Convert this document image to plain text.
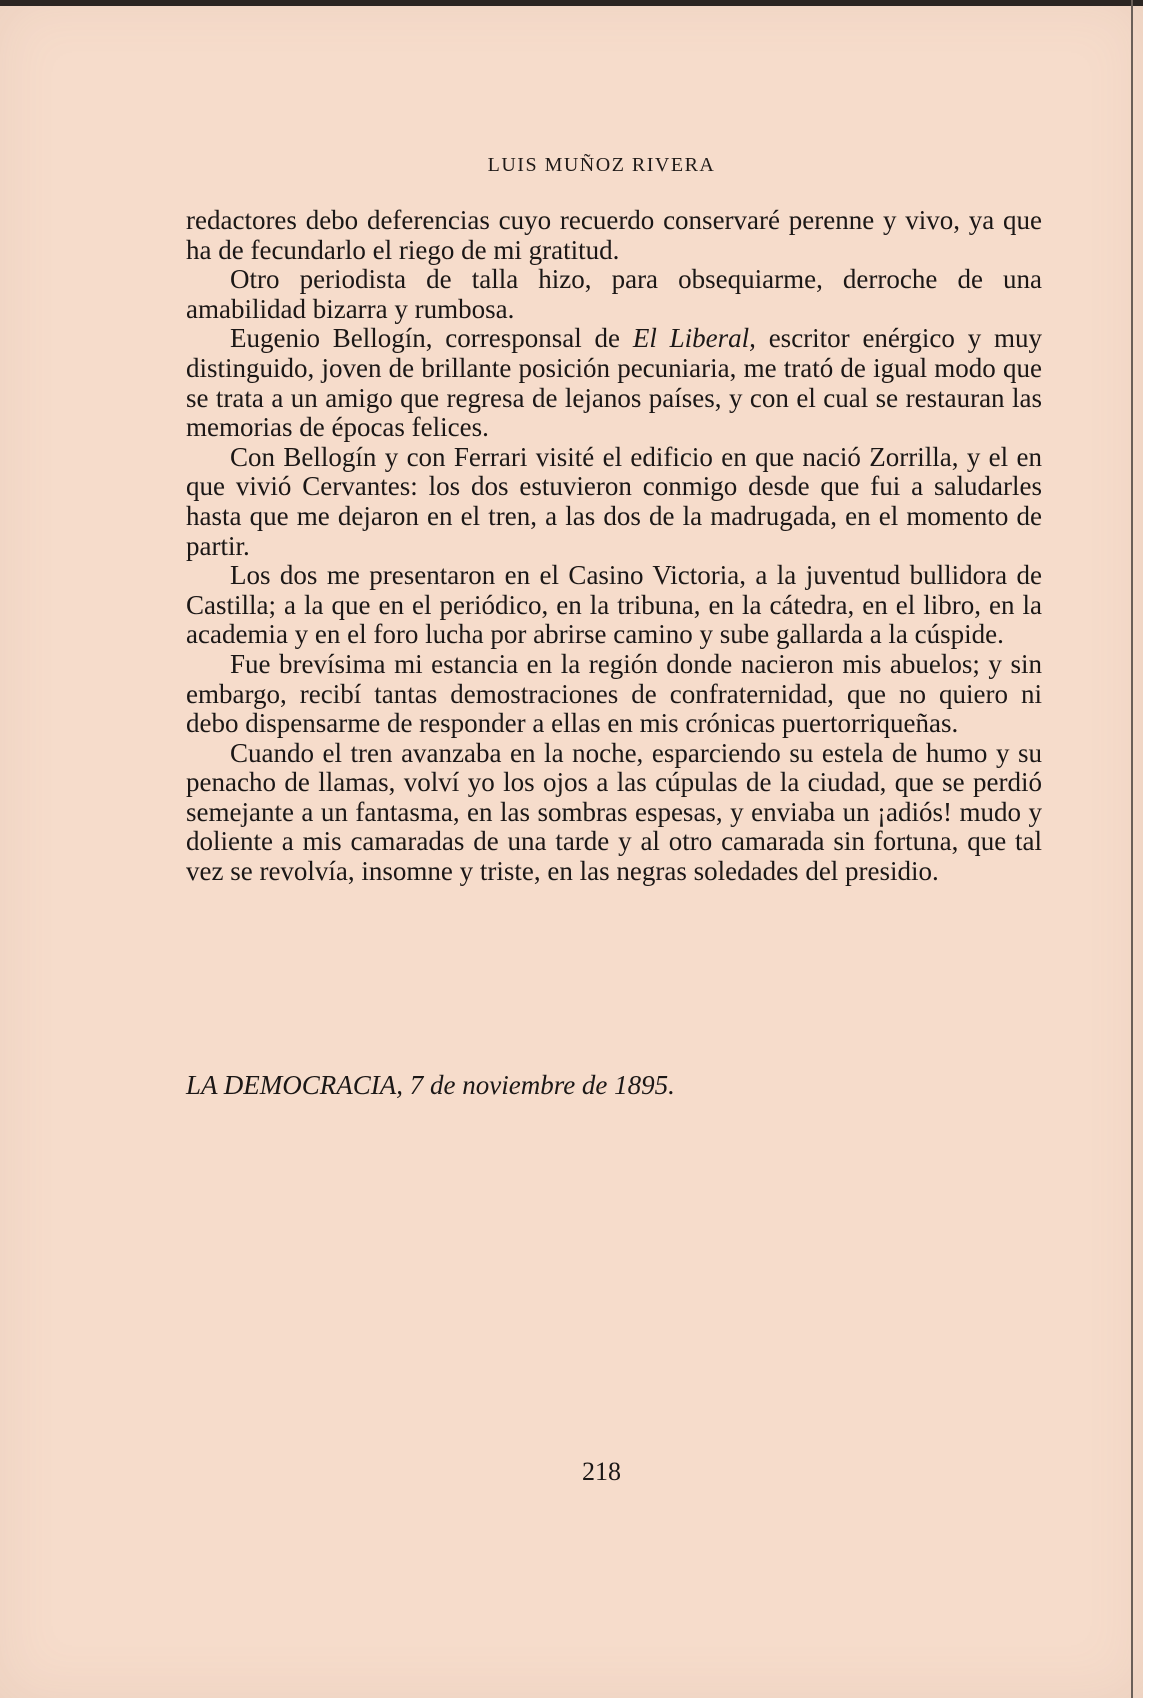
LUIS MUÑOZ RIVERA

redactores debo deferencias cuyo recuerdo conservaré perenne y vivo, ya que ha de fecundarlo el riego de mi gratitud.

Otro periodista de talla hizo, para obsequiarme, derroche de una amabilidad bizarra y rumbosa.

Eugenio Bellogín, corresponsal de El Liberal, escritor enérgico y muy distinguido, joven de brillante posición pecuniaria, me trató de igual modo que se trata a un amigo que regresa de lejanos países, y con el cual se restauran las memorias de épocas felices.

Con Bellogín y con Ferrari visité el edificio en que nació Zorrilla, y el en que vivió Cervantes: los dos estuvieron conmigo desde que fui a saludarles hasta que me dejaron en el tren, a las dos de la madrugada, en el momento de partir.

Los dos me presentaron en el Casino Victoria, a la juventud bullidora de Castilla; a la que en el periódico, en la tribuna, en la cátedra, en el libro, en la academia y en el foro lucha por abrirse camino y sube gallarda a la cúspide.

Fue brevísima mi estancia en la región donde nacieron mis abuelos; y sin embargo, recibí tantas demostraciones de confraternidad, que no quiero ni debo dispensarme de responder a ellas en mis crónicas puertorriqueñas.

Cuando el tren avanzaba en la noche, esparciendo su estela de humo y su penacho de llamas, volví yo los ojos a las cúpulas de la ciudad, que se perdió semejante a un fantasma, en las sombras espesas, y enviaba un ¡adiós! mudo y doliente a mis camaradas de una tarde y al otro camarada sin fortuna, que tal vez se revolvía, insomne y triste, en las negras soledades del presidio.

LA DEMOCRACIA, 7 de noviembre de 1895.
218
